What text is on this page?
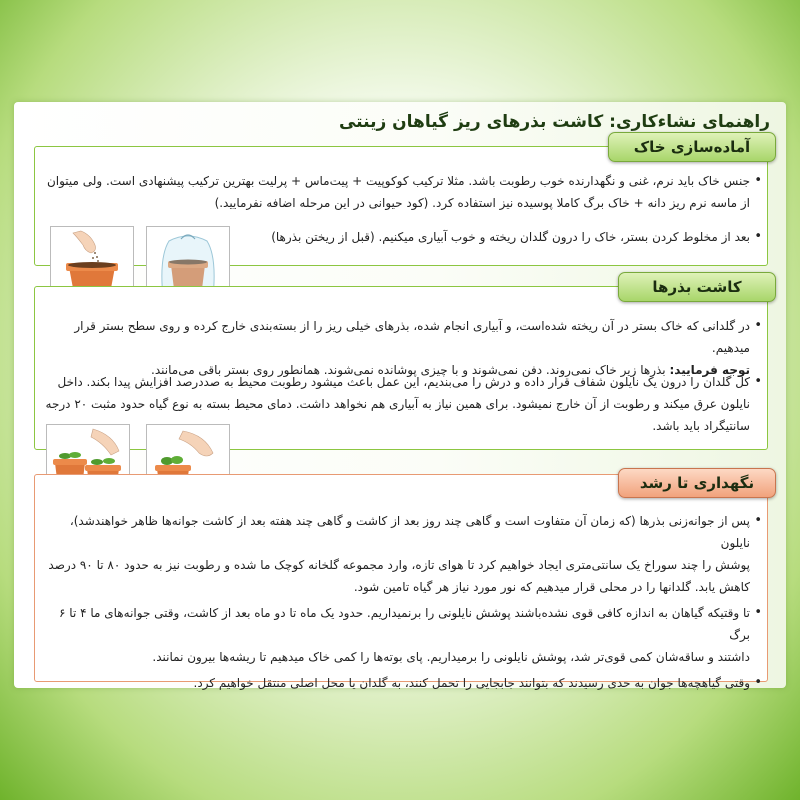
راهنمای نشاءکاری: کاشت بذرهای ریز گیاهان زینتی
آماده‌سازی خاک

• جنس خاک باید نرم، غنی و نگهدارنده خوب رطوبت باشد. مثلا ترکیب کوکوپیت + پیت‌ماس + پرلیت بهترین ترکیب پیشنهادی است. ولی میتوان

از ماسه نرم ریز دانه + خاک برگ کاملا پوسیده نیز استفاده کرد. (کود حیوانی در این مرحله اضافه نفرمایید.)

• بعد از مخلوط کردن بستر، خاک را درون گلدان ریخته و خوب آبیاری میکنیم. (قبل از ریختن بذرها)

کاشت بذرها

• در گلدانی که خاک بستر در آن ریخته شده‌است، و آبیاری انجام شده، بذرهای خیلی ریز را از بسته‌بندی خارج کرده و روی سطح بستر قرار میدهیم.

توجه فرمایید: بذرها زیر خاک نمی‌روند. دفن نمی‌شوند و با چیزی پوشانده نمی‌شوند. همانطور روی بستر باقی می‌مانند.

• کل گلدان را درون یک نایلون شفاف قرار داده و درش را می‌بندیم، این عمل باعث میشود رطوبت محیط به صددرصد افزایش پیدا بکند. داخل

نایلون عرق میکند و رطوبت از آن خارج نمیشود. برای همین نیاز به آبیاری هم نخواهد داشت. دمای محیط بسته به نوع گیاه حدود مثبت ۲۰ درجه

سانتیگراد باید باشد.

نگهداری تا رشد

• پس از جوانه‌زنی بذرها (که زمان آن متفاوت است و گاهی چند روز بعد از کاشت و گاهی چند هفته بعد از کاشت جوانه‌ها ظاهر خواهندشد)، نایلون

پوشش را چند سوراخ یک سانتی‌متری ایجاد خواهیم کرد تا هوای تازه، وارد مجموعه گلخانه کوچک ما شده و رطوبت نیز به حدود ۸۰ تا ۹۰ درصد

کاهش یابد. گلدانها را در محلی قرار میدهیم که نور مورد نیاز هر گیاه تامین شود.

• تا وقتیکه گیاهان به اندازه کافی قوی نشده‌باشند پوشش نایلونی را برنمیداریم. حدود یک ماه تا دو ماه بعد از کاشت، وقتی جوانه‌های ما ۴ تا ۶ برگ

داشتند و ساقه‌شان کمی قوی‌تر شد، پوشش نایلونی را برمیداریم. پای بوته‌ها را کمی خاک میدهیم تا ریشه‌ها بیرون نمانند.

• وقتی گیاهچه‌ها جوان به حدی رسیدند که بتوانند جابجایی را تحمل کنند، به گلدان یا محل اصلی منتقل خواهیم کرد.
